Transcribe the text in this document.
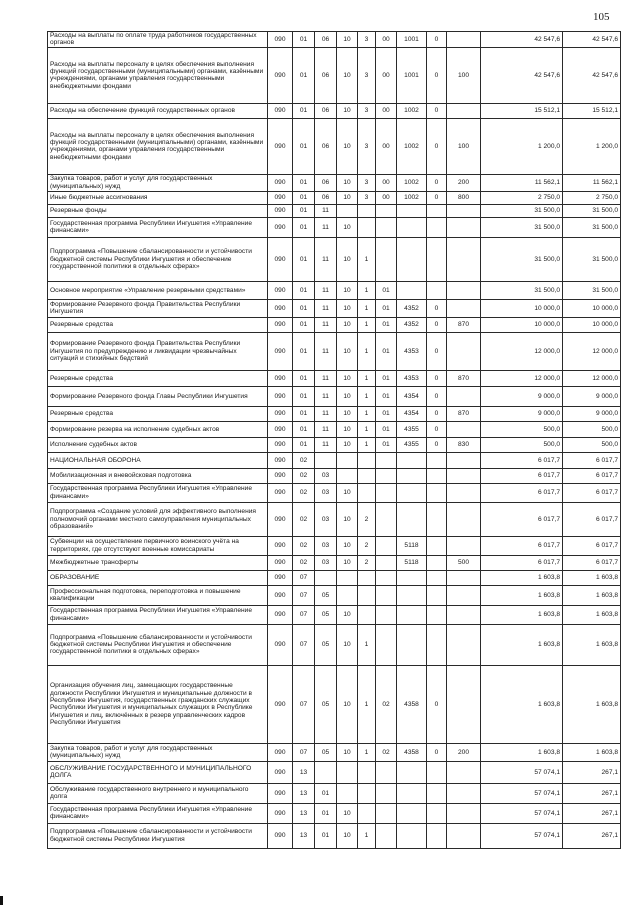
105
Расходы на выплаты по оплате труда работников государственных органов	090	01	06	10	3	00	1001	0		42 547,6	42 547,6
Расходы на выплаты персоналу в целях обеспечения выполнения функций государственными (муниципальными) органами, казёнными учреждениями, органами управления государственными внебюджетными фондами	090	01	06	10	3	00	1001	0	100	42 547,6	42 547,6
Расходы на обеспечение функций государственных органов	090	01	06	10	3	00	1002	0		15 512,1	15 512,1
Расходы на выплаты персоналу в целях обеспечения выполнения функций государственными (муниципальными) органами, казёнными учреждениями, органами управления государственными внебюджетными фондами	090	01	06	10	3	00	1002	0	100	1 200,0	1 200,0
Закупка товаров, работ и услуг для государственных (муниципальных) нужд	090	01	06	10	3	00	1002	0	200	11 562,1	11 562,1
Иные бюджетные ассигнования	090	01	06	10	3	00	1002	0	800	2 750,0	2 750,0
Резервные фонды	090	01	11							31 500,0	31 500,0
Государственная программа Республики Ингушетия «Управление финансами»	090	01	11	10						31 500,0	31 500,0
Подпрограмма «Повышение сбалансированности и устойчивости бюджетной системы Республики Ингушетия и обеспечение государственной политики в отдельных сферах»	090	01	11	10	1					31 500,0	31 500,0
Основное мероприятие «Управление резервными средствами»	090	01	11	10	1	01				31 500,0	31 500,0
Формирование Резервного фонда Правительства Республики Ингушетия	090	01	11	10	1	01	4352	0		10 000,0	10 000,0
Резервные средства	090	01	11	10	1	01	4352	0	870	10 000,0	10 000,0
Формирование Резервного фонда Правительства Республики Ингушетия по предупреждению и ликвидации чрезвычайных ситуаций и стихийных бедствий	090	01	11	10	1	01	4353	0		12 000,0	12 000,0
Резервные средства	090	01	11	10	1	01	4353	0	870	12 000,0	12 000,0
Формирование Резервного фонда Главы Республики Ингушетия	090	01	11	10	1	01	4354	0		9 000,0	9 000,0
Резервные средства	090	01	11	10	1	01	4354	0	870	9 000,0	9 000,0
Формирование резерва на исполнение судебных актов	090	01	11	10	1	01	4355	0		500,0	500,0
Исполнение судебных актов	090	01	11	10	1	01	4355	0	830	500,0	500,0
НАЦИОНАЛЬНАЯ ОБОРОНА	090	02								6 017,7	6 017,7
Мобилизационная и вневойсковая подготовка	090	02	03							6 017,7	6 017,7
Государственная программа Республики Ингушетия «Управление финансами»	090	02	03	10						6 017,7	6 017,7
Подпрограмма «Создание условий для эффективного выполнения полномочий органами местного самоуправления муниципальных образований»	090	02	03	10	2					6 017,7	6 017,7
Субвенции на осуществление первичного воинского учёта на территориях, где отсутствуют военные комиссариаты	090	02	03	10	2		5118			6 017,7	6 017,7
Межбюджетные трансферты	090	02	03	10	2		5118		500	6 017,7	6 017,7
ОБРАЗОВАНИЕ	090	07								1 603,8	1 603,8
Профессиональная подготовка, переподготовка и повышение квалификации	090	07	05							1 603,8	1 603,8
Государственная программа Республики Ингушетия «Управление финансами»	090	07	05	10						1 603,8	1 603,8
Подпрограмма «Повышение сбалансированности и устойчивости бюджетной системы Республики Ингушетия и обеспечение государственной политики в отдельных сферах»	090	07	05	10	1					1 603,8	1 603,8
Организация обучения лиц, замещающих государственные должности Республики Ингушетия и муниципальные должности в Республике Ингушетия, государственных гражданских служащих Республики Ингушетия и муниципальных служащих в Республике Ингушетия и лиц, включённых в резерв управленческих кадров Республики Ингушетия	090	07	05	10	1	02	4358	0		1 603,8	1 603,8
Закупка товаров, работ и услуг для государственных (муниципальных) нужд	090	07	05	10	1	02	4358	0	200	1 603,8	1 603,8
ОБСЛУЖИВАНИЕ ГОСУДАРСТВЕННОГО И МУНИЦИПАЛЬНОГО ДОЛГА	090	13								57 074,1	267,1
Обслуживание государственного внутреннего и муниципального долга	090	13	01							57 074,1	267,1
Государственная программа Республики Ингушетия «Управление финансами»	090	13	01	10						57 074,1	267,1
Подпрограмма «Повышение сбалансированности и устойчивости бюджетной системы Республики Ингушетия	090	13	01	10	1					57 074,1	267,1
